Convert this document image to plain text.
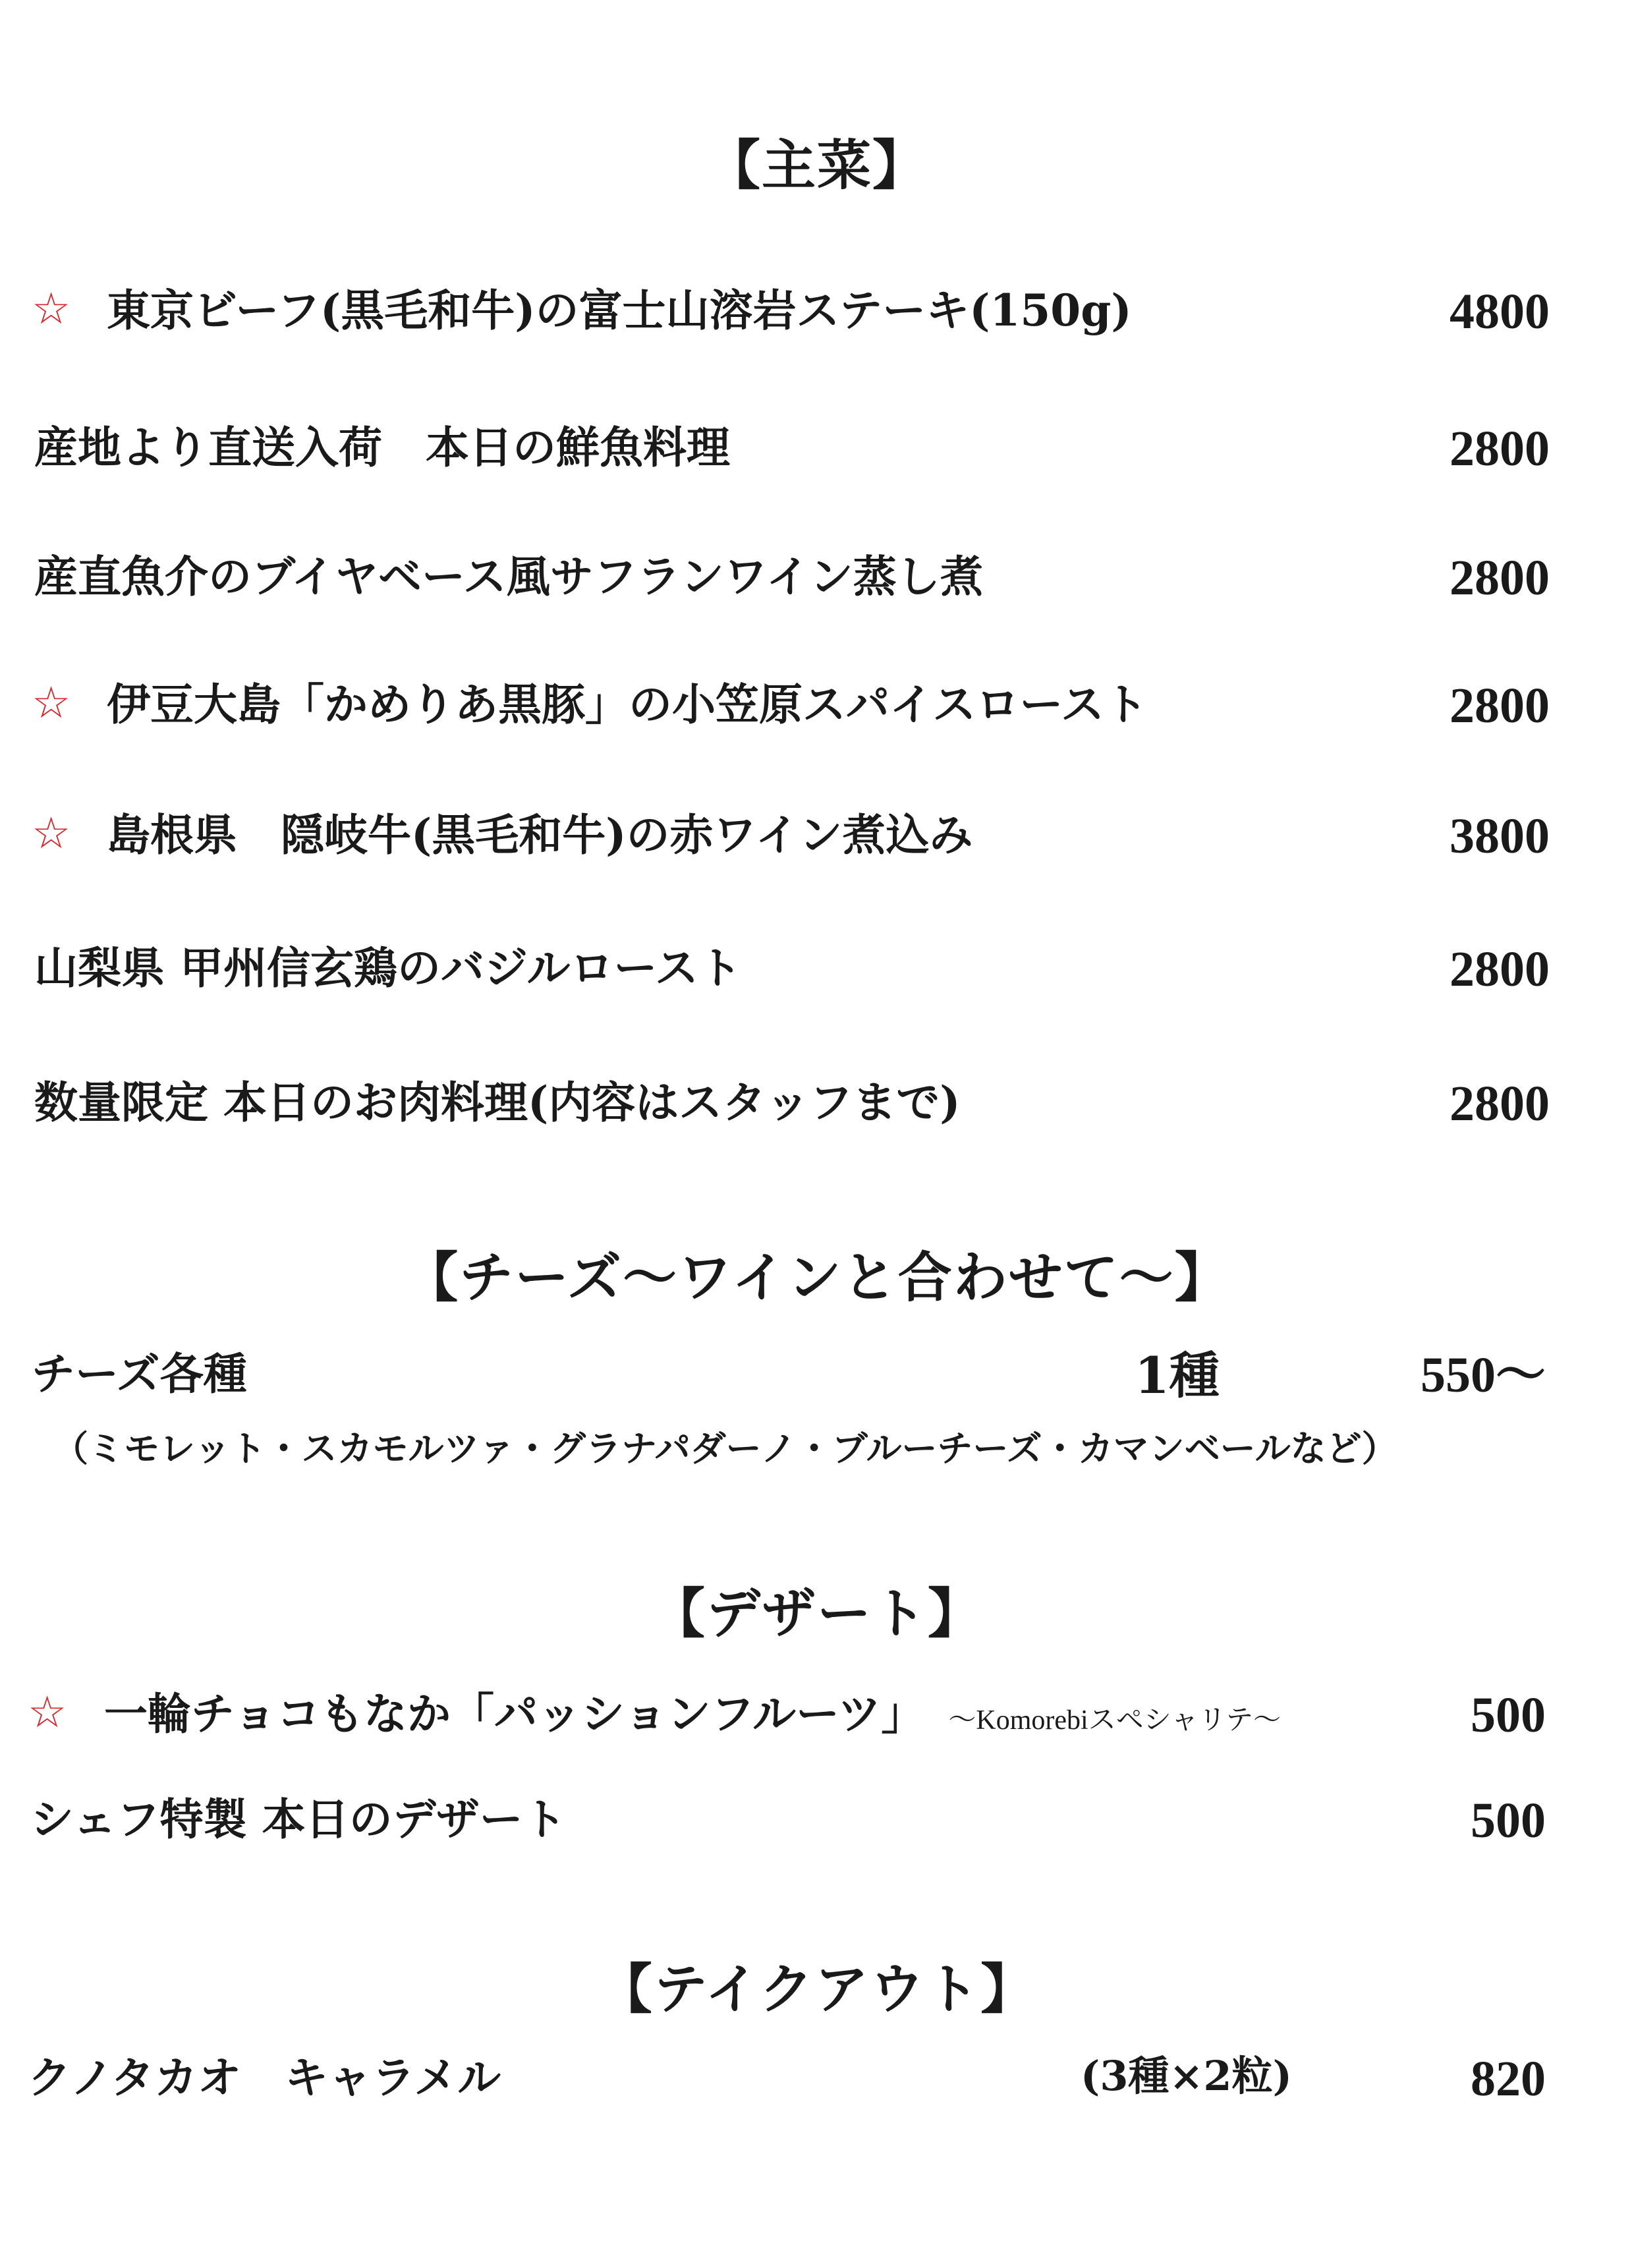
【主菜】
☆ 東京ビーフ(黒毛和牛)の富士山溶岩ステーキ(150g)	4800
産地より直送入荷　本日の鮮魚料理	2800
産直魚介のブイヤベース風サフランワイン蒸し煮	2800
☆ 伊豆大島「かめりあ黒豚」の小笠原スパイスロースト	2800
☆ 島根県　隠岐牛(黒毛和牛)の赤ワイン煮込み	3800
山梨県 甲州信玄鶏のバジルロースト	2800
数量限定 本日のお肉料理(内容はスタッフまで)	2800
【チーズ～ワインと合わせて～】
チーズ各種	1種	550～
（ミモレット・スカモルツァ・グラナパダーノ・ブルーチーズ・カマンベールなど）
【デザート】
☆ 一輪チョコもなか「パッションフルーツ」 ～Komorebiスペシャリテ～	500
シェフ特製 本日のデザート	500
【テイクアウト】
クノタカオ　キャラメル	(3種×2粒)	820
